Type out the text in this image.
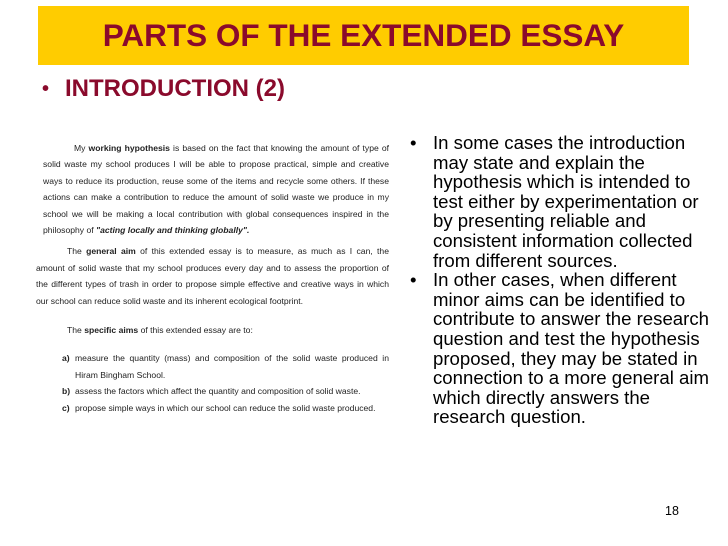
PARTS OF THE EXTENDED ESSAY
• INTRODUCTION (2)

My working hypothesis is based on the fact that knowing the amount of type of solid waste my school produces I will be able to propose practical, simple and creative ways to reduce its production, reuse some of the items and recycle some others. If these actions can make a contribution to reduce the amount of solid waste we produce in my school we will be making a local contribution with global consequences inspired in the philosophy of "acting locally and thinking globally".

The general aim of this extended essay is to measure, as much as I can, the amount of solid waste that my school produces every day and to assess the proportion of the different types of trash in order to propose simple effective and creative ways in which our school can reduce solid waste and its inherent ecological footprint.

The specific aims of this extended essay are to:

a) measure the quantity (mass) and composition of the solid waste produced in Hiram Bingham School.
b) assess the factors which affect the quantity and composition of solid waste.
c) propose simple ways in which our school can reduce the solid waste produced.
• In some cases the introduction may state and explain the hypothesis which is intended to test either by experimentation or by presenting reliable and consistent information collected from different sources.
• In other cases, when different minor aims can be identified to contribute to answer the research question and test the hypothesis proposed, they may be stated in connection to a more general aim which directly answers the research question.
18
